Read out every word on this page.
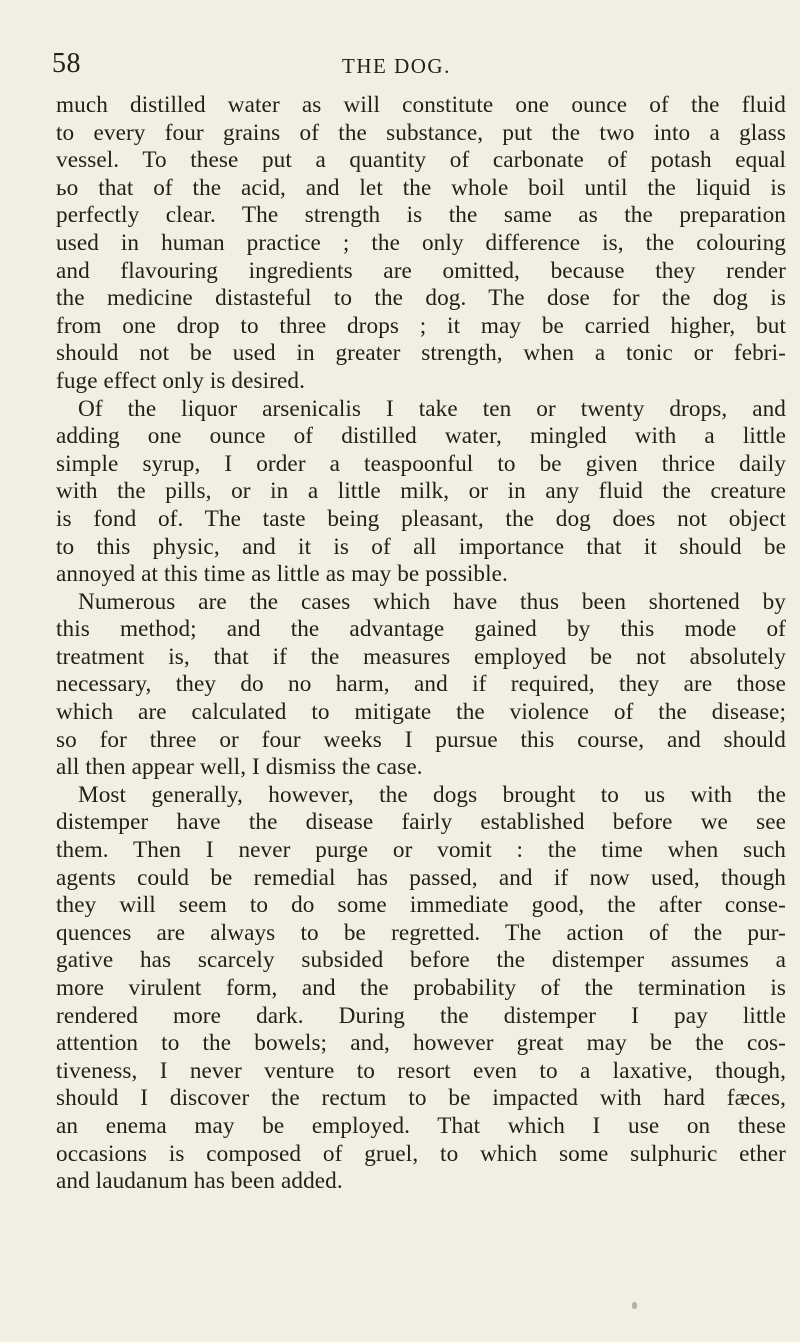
58	THE DOG.
much distilled water as will constitute one ounce of the fluid
to every four grains of the substance, put the two into a glass
vessel. To these put a quantity of carbonate of potash equal
ьо that of the acid, and let the whole boil until the liquid is
perfectly clear. The strength is the same as the preparation
used in human practice ; the only difference is, the colouring
and flavouring ingredients are omitted, because they render
the medicine distasteful to the dog. The dose for the dog is
from one drop to three drops ; it may be carried higher, but
should not be used in greater strength, when a tonic or febri-
fuge effect only is desired.
Of the liquor arsenicalis I take ten or twenty drops, and
adding one ounce of distilled water, mingled with a little
simple syrup, I order a teaspoonful to be given thrice daily
with the pills, or in a little milk, or in any fluid the creature
is fond of. The taste being pleasant, the dog does not object
to this physic, and it is of all importance that it should be
annoyed at this time as little as may be possible.
Numerous are the cases which have thus been shortened by
this method; and the advantage gained by this mode of
treatment is, that if the measures employed be not absolutely
necessary, they do no harm, and if required, they are those
which are calculated to mitigate the violence of the disease;
so for three or four weeks I pursue this course, and should
all then appear well, I dismiss the case.
Most generally, however, the dogs brought to us with the
distemper have the disease fairly established before we see
them. Then I never purge or vomit : the time when such
agents could be remedial has passed, and if now used, though
they will seem to do some immediate good, the after conse-
quences are always to be regretted. The action of the pur-
gative has scarcely subsided before the distemper assumes a
more virulent form, and the probability of the termination is
rendered more dark. During the distemper I pay little
attention to the bowels; and, however great may be the cos-
tiveness, I never venture to resort even to a laxative, though,
should I discover the rectum to be impacted with hard fæces,
an enema may be employed. That which I use on these
occasions is composed of gruel, to which some sulphuric ether
and laudanum has been added.
